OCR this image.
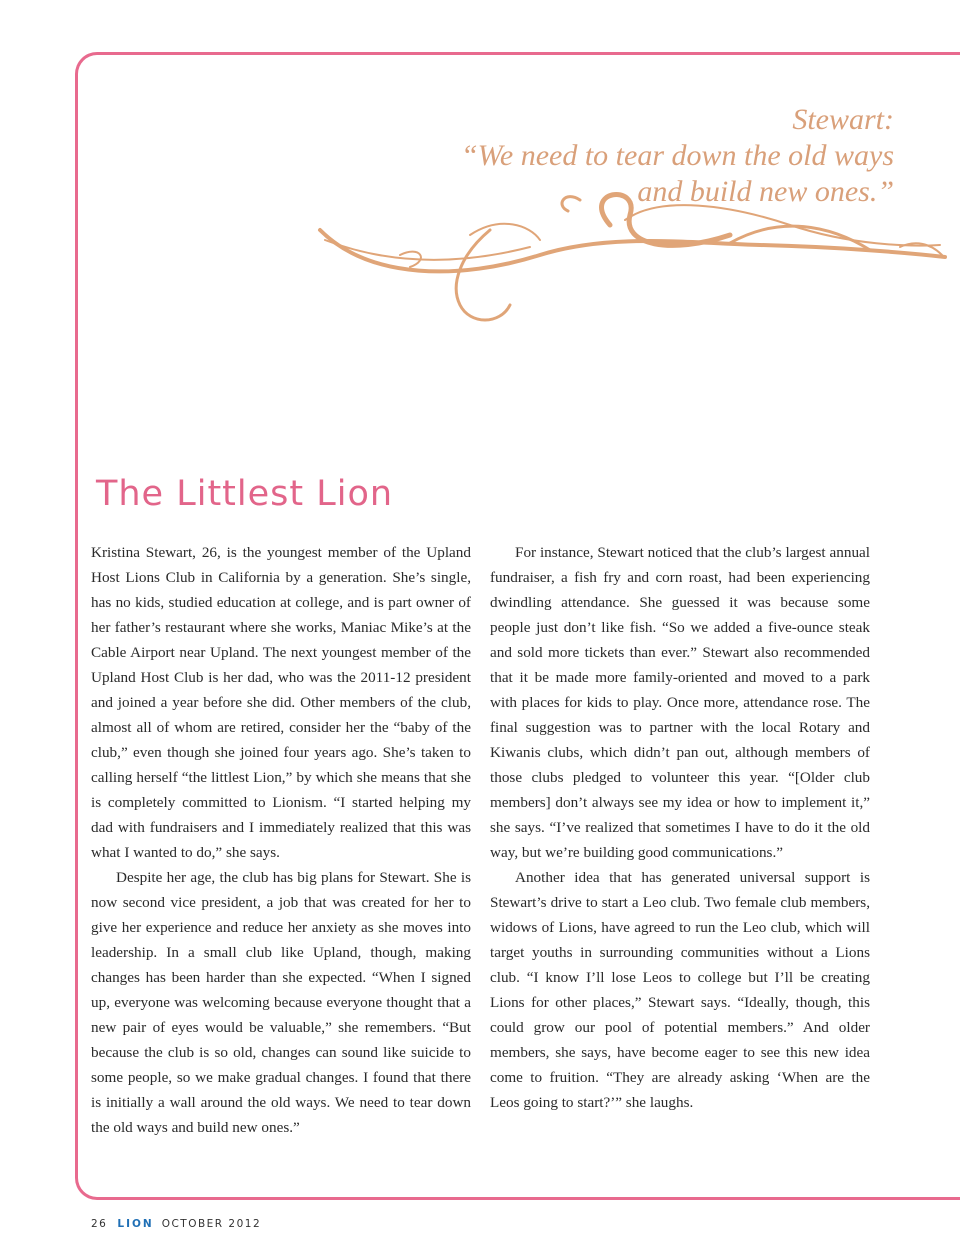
Stewart:
“We need to tear down the old ways
and build new ones.”
The Littlest Lion

Kristina Stewart, 26, is the youngest member of the Upland Host Lions Club in California by a generation. She’s single, has no kids, studied education at college, and is part owner of her father’s restaurant where she works, Maniac Mike’s at the Cable Airport near Upland. The next youngest member of the Upland Host Club is her dad, who was the 2011-12 president and joined a year before she did. Other members of the club, almost all of whom are retired, consider her the “baby of the club,” even though she joined four years ago. She’s taken to calling herself “the littlest Lion,” by which she means that she is completely committed to Lionism. “I started helping my dad with fundraisers and I immediately realized that this was what I wanted to do,” she says.

Despite her age, the club has big plans for Stewart. She is now second vice president, a job that was created for her to give her experience and reduce her anxiety as she moves into leadership. In a small club like Upland, though, making changes has been harder than she expected. “When I signed up, everyone was welcoming because everyone thought that a new pair of eyes would be valuable,” she remembers. “But because the club is so old, changes can sound like suicide to some people, so we make gradual changes. I found that there is initially a wall around the old ways. We need to tear down the old ways and build new ones.”

For instance, Stewart noticed that the club’s largest annual fundraiser, a fish fry and corn roast, had been experiencing dwindling attendance. She guessed it was because some people just don’t like fish. “So we added a five-ounce steak and sold more tickets than ever.” Stewart also recommended that it be made more family-oriented and moved to a park with places for kids to play. Once more, attendance rose. The final suggestion was to partner with the local Rotary and Kiwanis clubs, which didn’t pan out, although members of those clubs pledged to volunteer this year. “[Older club members] don’t always see my idea or how to implement it,” she says. “I’ve realized that sometimes I have to do it the old way, but we’re building good communications.”

Another idea that has generated universal support is Stewart’s drive to start a Leo club. Two female club members, widows of Lions, have agreed to run the Leo club, which will target youths in surrounding communities without a Lions club. “I know I’ll lose Leos to college but I’ll be creating Lions for other places,” Stewart says. “Ideally, though, this could grow our pool of potential members.” And older members, she says, have become eager to see this new idea come to fruition. “They are already asking ‘When are the Leos going to start?’” she laughs.

26 LION OCTOBER 2012
